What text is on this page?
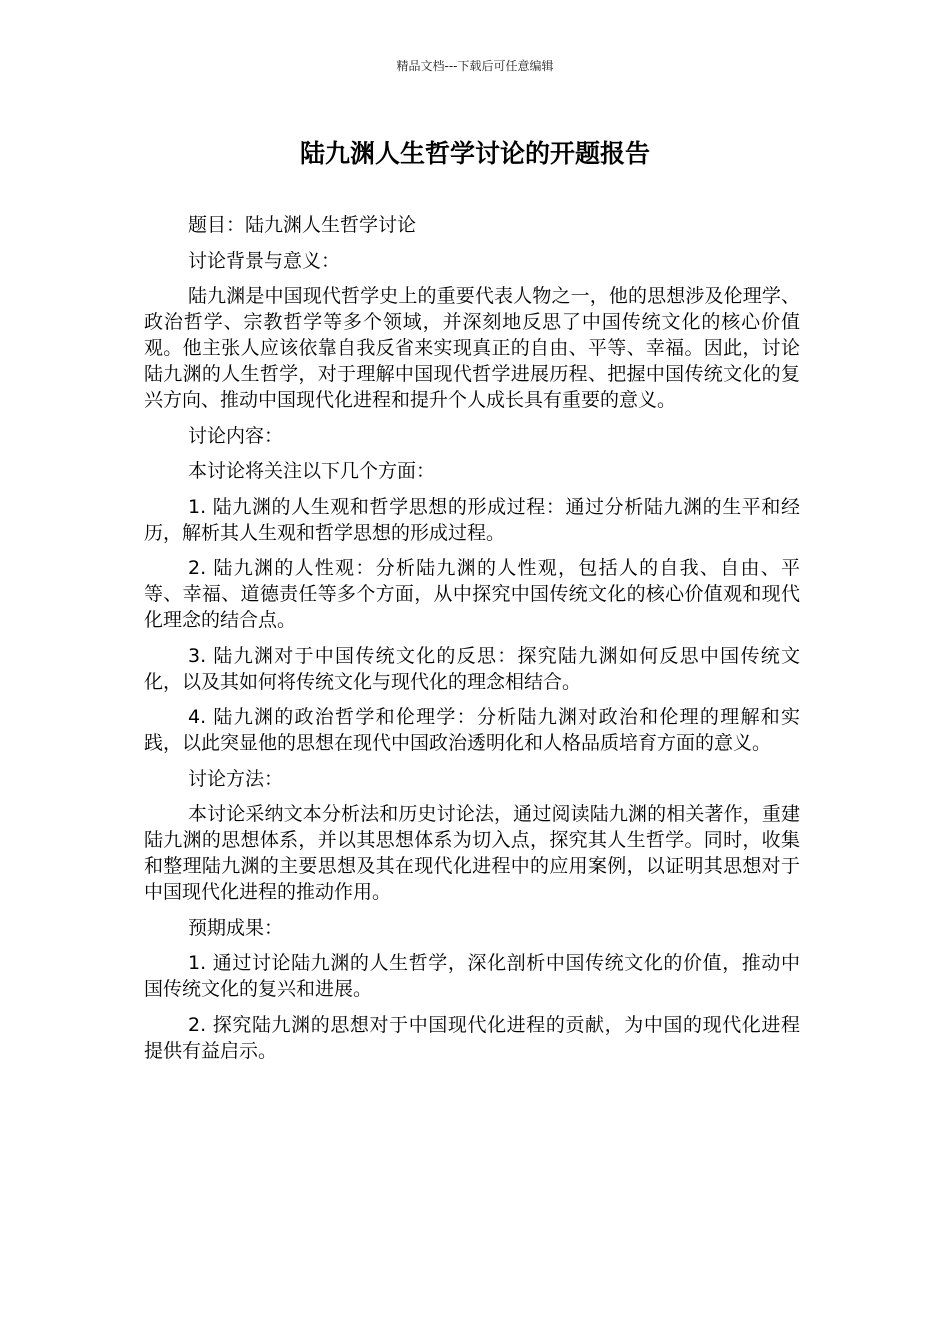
精品文档---下载后可任意编辑
陆九渊人生哲学讨论的开题报告

题目：陆九渊人生哲学讨论

讨论背景与意义：

陆九渊是中国现代哲学史上的重要代表人物之一，他的思想涉及伦理学、政治哲学、宗教哲学等多个领域，并深刻地反思了中国传统文化的核心价值观。他主张人应该依靠自我反省来实现真正的自由、平等、幸福。因此，讨论陆九渊的人生哲学，对于理解中国现代哲学进展历程、把握中国传统文化的复兴方向、推动中国现代化进程和提升个人成长具有重要的意义。

讨论内容：

本讨论将关注以下几个方面：

1. 陆九渊的人生观和哲学思想的形成过程：通过分析陆九渊的生平和经历，解析其人生观和哲学思想的形成过程。

2. 陆九渊的人性观：分析陆九渊的人性观，包括人的自我、自由、平等、幸福、道德责任等多个方面，从中探究中国传统文化的核心价值观和现代化理念的结合点。

3. 陆九渊对于中国传统文化的反思：探究陆九渊如何反思中国传统文化，以及其如何将传统文化与现代化的理念相结合。

4. 陆九渊的政治哲学和伦理学：分析陆九渊对政治和伦理的理解和实践，以此突显他的思想在现代中国政治透明化和人格品质培育方面的意义。

讨论方法：

本讨论采纳文本分析法和历史讨论法，通过阅读陆九渊的相关著作，重建陆九渊的思想体系，并以其思想体系为切入点，探究其人生哲学。同时，收集和整理陆九渊的主要思想及其在现代化进程中的应用案例，以证明其思想对于中国现代化进程的推动作用。

预期成果：

1. 通过讨论陆九渊的人生哲学，深化剖析中国传统文化的价值，推动中国传统文化的复兴和进展。

2. 探究陆九渊的思想对于中国现代化进程的贡献，为中国的现代化进程提供有益启示。
